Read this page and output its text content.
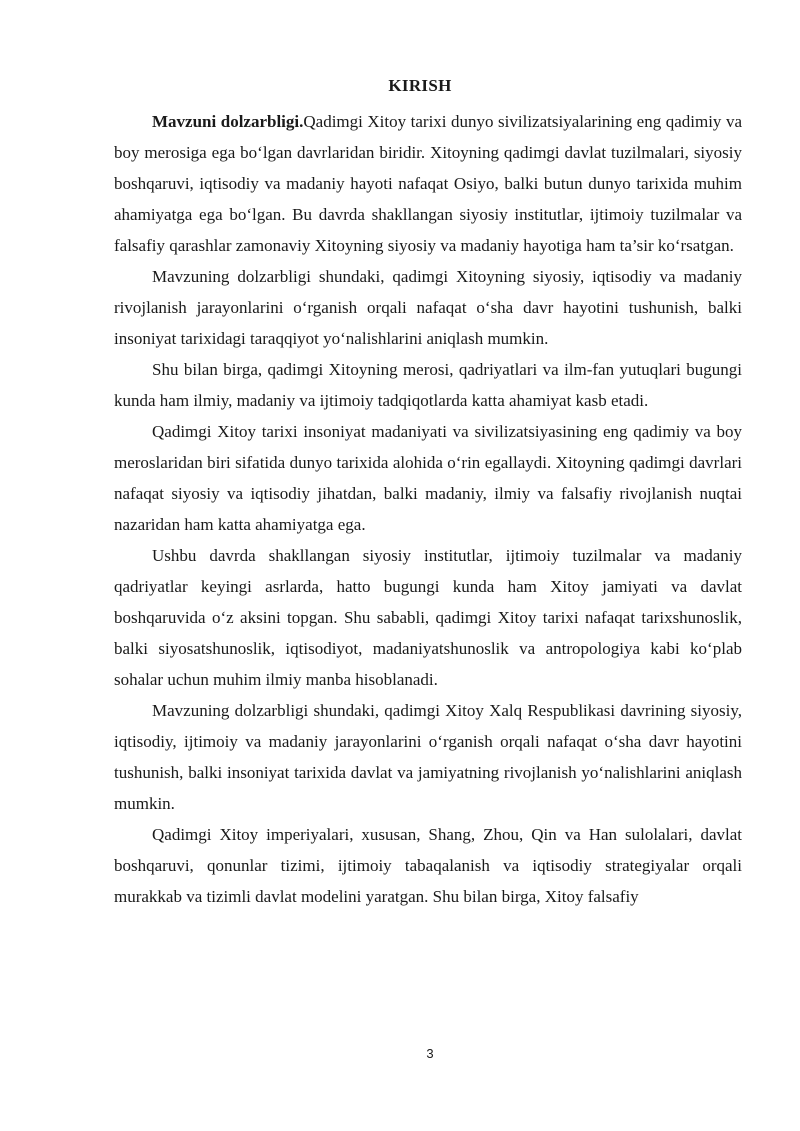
KIRISH

Mavzuni dolzarbligi.Qadimgi Xitoy tarixi dunyo sivilizatsiyalarining eng qadimiy va boy merosiga ega bo‘lgan davrlaridan biridir. Xitoyning qadimgi davlat tuzilmalari, siyosiy boshqaruvi, iqtisodiy va madaniy hayoti nafaqat Osiyo, balki butun dunyo tarixida muhim ahamiyatga ega bo‘lgan. Bu davrda shakllangan siyosiy institutlar, ijtimoiy tuzilmalar va falsafiy qarashlar zamonaviy Xitoyning siyosiy va madaniy hayotiga ham ta’sir ko‘rsatgan.

Mavzuning dolzarbligi shundaki, qadimgi Xitoyning siyosiy, iqtisodiy va madaniy rivojlanish jarayonlarini o‘rganish orqali nafaqat o‘sha davr hayotini tushunish, balki insoniyat tarixidagi taraqqiyot yo‘nalishlarini aniqlash mumkin.

Shu bilan birga, qadimgi Xitoyning merosi, qadriyatlari va ilm-fan yutuqlari bugungi kunda ham ilmiy, madaniy va ijtimoiy tadqiqotlarda katta ahamiyat kasb etadi.

Qadimgi Xitoy tarixi insoniyat madaniyati va sivilizatsiyasining eng qadimiy va boy meroslaridan biri sifatida dunyo tarixida alohida o‘rin egallaydi. Xitoyning qadimgi davrlari nafaqat siyosiy va iqtisodiy jihatdan, balki madaniy, ilmiy va falsafiy rivojlanish nuqtai nazaridan ham katta ahamiyatga ega.

Ushbu davrda shakllangan siyosiy institutlar, ijtimoiy tuzilmalar va madaniy qadriyatlar keyingi asrlarda, hatto bugungi kunda ham Xitoy jamiyati va davlat boshqaruvida o‘z aksini topgan. Shu sababli, qadimgi Xitoy tarixi nafaqat tarixshunoslik, balki siyosatshunoslik, iqtisodiyot, madaniyatshunoslik va antropologiya kabi ko‘plab sohalar uchun muhim ilmiy manba hisoblanadi.

Mavzuning dolzarbligi shundaki, qadimgi Xitoy Xalq Respublikasi davrining siyosiy, iqtisodiy, ijtimoiy va madaniy jarayonlarini o‘rganish orqali nafaqat o‘sha davr hayotini tushunish, balki insoniyat tarixida davlat va jamiyatning rivojlanish yo‘nalishlarini aniqlash mumkin.

Qadimgi Xitoy imperiyalari, xususan, Shang, Zhou, Qin va Han sulolalari, davlat boshqaruvi, qonunlar tizimi, ijtimoiy tabaqalanish va iqtisodiy strategiyalar orqali murakkab va tizimli davlat modelini yaratgan. Shu bilan birga, Xitoy falsafiy

3
